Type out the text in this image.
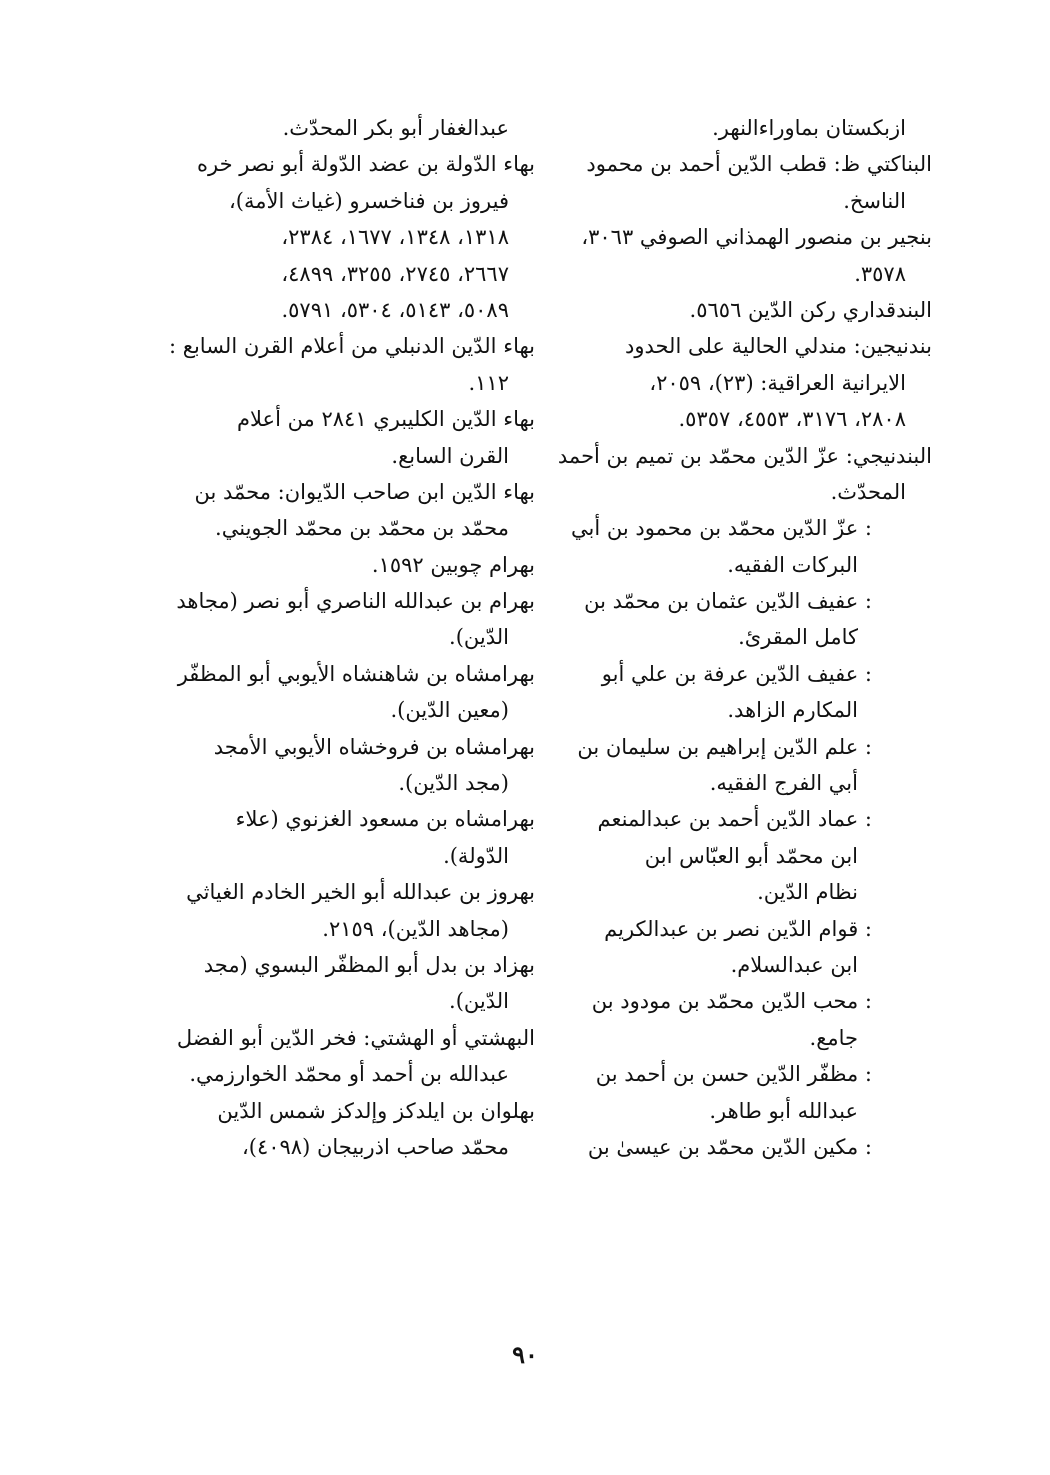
ازبكستان بماوراءالنهر.
البناكتي ظ: قطب الدّين أحمد بن محمود
الناسخ.
بنجير بن منصور الهمذاني الصوفي ٣٠٦٣،
٣٥٧٨.
البندقداري ركن الدّين ٥٦٥٦.
بندنيجين: مندلي الحالية على الحدود
الايرانية العراقية: (٢٣)، ٢٠٥٩،
٢٨٠٨، ٣١٧٦، ٤٥٥٣، ٥٣٥٧.
البندنيجي: عزّ الدّين محمّد بن تميم بن أحمد
المحدّث.
: عزّ الدّين محمّد بن محمود بن أبي
البركات الفقيه.
: عفيف الدّين عثمان بن محمّد بن
كامل المقرئ.
: عفيف الدّين عرفة بن علي أبو
المكارم الزاهد.
: علم الدّين إبراهيم بن سليمان بن
أبي الفرج الفقيه.
: عماد الدّين أحمد بن عبدالمنعم
ابن محمّد أبو العبّاس ابن
نظام الدّين.
: قوام الدّين نصر بن عبدالكريم
ابن عبدالسلام.
: محب الدّين محمّد بن مودود بن
جامع.
: مظفّر الدّين حسن بن أحمد بن
عبدالله أبو طاهر.
: مكين الدّين محمّد بن عيسىٰ بن
عبدالغفار أبو بكر المحدّث.
بهاء الدّولة بن عضد الدّولة أبو نصر خره
فيروز بن فناخسرو (غياث الأمة)،
١٣١٨، ١٣٤٨، ١٦٧٧، ٢٣٨٤،
٢٦٦٧، ٢٧٤٥، ٣٢٥٥، ٤٨٩٩،
٥٠٨٩، ٥١٤٣، ٥٣٠٤، ٥٧٩١.
بهاء الدّين الدنبلي من أعلام القرن السابع :
١١٢.
بهاء الدّين الكليبري ٢٨٤١ من أعلام
القرن السابع.
بهاء الدّين ابن صاحب الدّيوان: محمّد بن
محمّد بن محمّد بن محمّد الجويني.
بهرام چوبين ١٥٩٢.
بهرام بن عبدالله الناصري أبو نصر (مجاهد
الدّين).
بهرامشاه بن شاهنشاه الأيوبي أبو المظفّر
(معين الدّين).
بهرامشاه بن فروخشاه الأيوبي الأمجد
(مجد الدّين).
بهرامشاه بن مسعود الغزنوي (علاء
الدّولة).
بهروز بن عبدالله أبو الخير الخادم الغياثي
(مجاهد الدّين)، ٢١٥٩.
بهزاد بن بدل أبو المظفّر البسوي (مجد
الدّين).
البهشتي أو الهشتي: فخر الدّين أبو الفضل
عبدالله بن أحمد أو محمّد الخوارزمي.
بهلوان بن ايلدكز وإلدكز شمس الدّين
محمّد صاحب اذربيجان (٤٠٩٨)،
٩٠
